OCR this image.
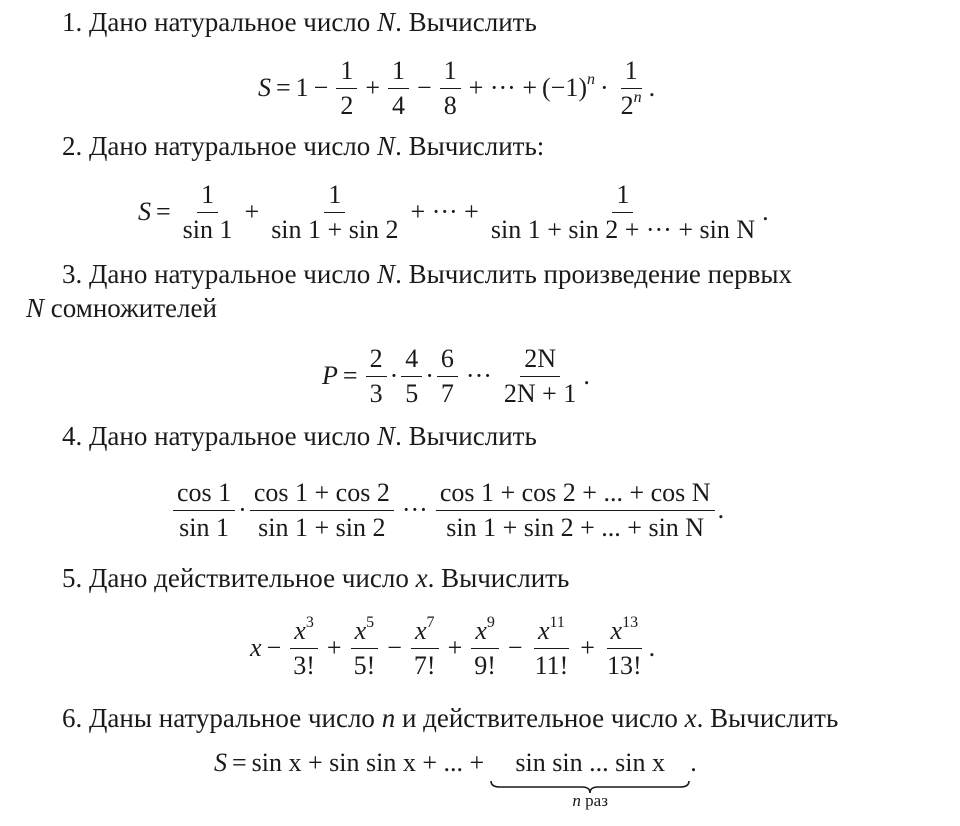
1. Дано натуральное число N. Вычислить
$S = 1 - \frac{1}{2} + \frac{1}{4} - \frac{1}{8}$ + ··· + $(-1)^n \cdot \frac{1}{2^n}$ .
2. Дано натуральное число N. Вычислить:
$S = \frac{1}{\sin 1} + \frac{1}{\sin 1 + \sin 2}$ + ··· + $\frac{1}{\text{sin 1 + sin 2 + ··· + sin N}}$ .
3. Дано натуральное число N. Вычислить произведение первых
N сомножителей
$P = \frac{2}{3} \cdot \frac{4}{5} \cdot \frac{6}{7}$ ··· $\frac{2N}{2N + 1}$ .
4. Дано натуральное число N. Вычислить
$\frac{\cos 1}{\sin 1} \cdot \frac{\cos 1 + \cos 2}{\sin 1 + \sin 2}$ ··· $\frac{\text{cos 1 + cos 2 + ... + cos N}}{\text{sin 1 + sin 2 + ... + sin N}}$ .
5. Дано действительное число x. Вычислить
$x - \frac{x^3}{3!} + \frac{x^5}{5!} - \frac{x^7}{7!} + \frac{x^9}{9!} - \frac{x^{11}}{11!} + \frac{x^{13}}{13!}$ .
6. Даны натуральное число n и действительное число x. Вычислить
S = sin x + sin sin x + ... + sin sin ... sin x
n раз
.
